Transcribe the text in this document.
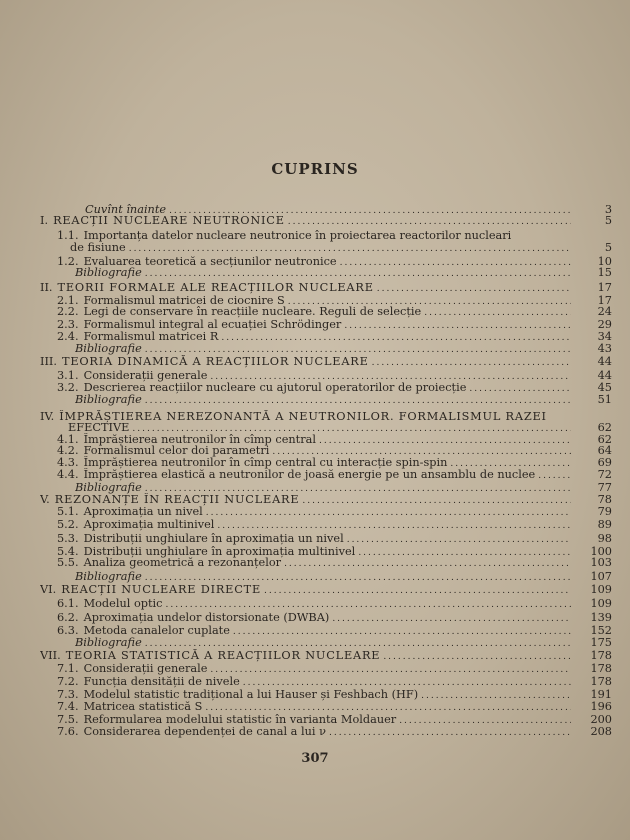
CUPRINS
Cuvînt înainte .....	3
I. REACȚII NUCLEARE NEUTRONICE .....	5
1.1. Importanța datelor nucleare neutronice în proiectarea reactorilor nucleari
de fisiune .....	5
1.2. Evaluarea teoretică a secțiunilor neutronice .....	10
Bibliografie .....	15
II. TEORII FORMALE ALE REACȚIILOR NUCLEARE .....	17
2.1. Formalismul matricei de ciocnire S .....	17
2.2. Legi de conservare în reacțiile nucleare. Reguli de selecție .....	24
2.3. Formalismul integral al ecuației Schrödinger .....	29
2.4. Formalismul matricei R .....	34
Bibliografie .....	43
III. TEORIA DINAMICĂ A REACȚIILOR NUCLEARE .....	44
3.1. Considerații generale .....	44
3.2. Descrierea reacțiilor nucleare cu ajutorul operatorilor de proiecție .....	45
Bibliografie .....	51
IV. ÎMPRĂȘTIEREA NEREZONANTĂ A NEUTRONILOR. FORMALISMUL RAZEI
EFECTIVE .....	62
4.1. Împrăștierea neutronilor în cîmp central .....	62
4.2. Formalismul celor doi parametri .....	64
4.3. Împrăștierea neutronilor în cîmp central cu interacție spin-spin .....	69
4.4. Împrăștierea elastică a neutronilor de joasă energie pe un ansamblu de nuclee .....	72
Bibliografie .....	77
V. REZONANȚE ÎN REACȚII NUCLEARE .....	78
5.1. Aproximația un nivel .....	79
5.2. Aproximația multinivel .....	89
5.3. Distribuții unghiulare în aproximația un nivel .....	98
5.4. Distribuții unghiulare în aproximația multinivel .....	100
5.5. Analiza geometrică a rezonanțelor .....	103
Bibliografie .....	107
VI. REACȚII NUCLEARE DIRECTE .....	109
6.1. Modelul optic .....	109
6.2. Aproximația undelor distorsionate (DWBA) .....	139
6.3. Metoda canalelor cuplate .....	152
Bibliografie .....	175
VII. TEORIA STATISTICĂ A REACȚIILOR NUCLEARE .....	178
7.1. Considerații generale .....	178
7.2. Funcția densității de nivele .....	178
7.3. Modelul statistic tradițional a lui Hauser și Feshbach (HF) .....	191
7.4. Matricea statistică S .....	196
7.5. Reformularea modelului statistic în varianta Moldauer .....	200
7.6. Considerarea dependenței de canal a lui ν .....	208
307
